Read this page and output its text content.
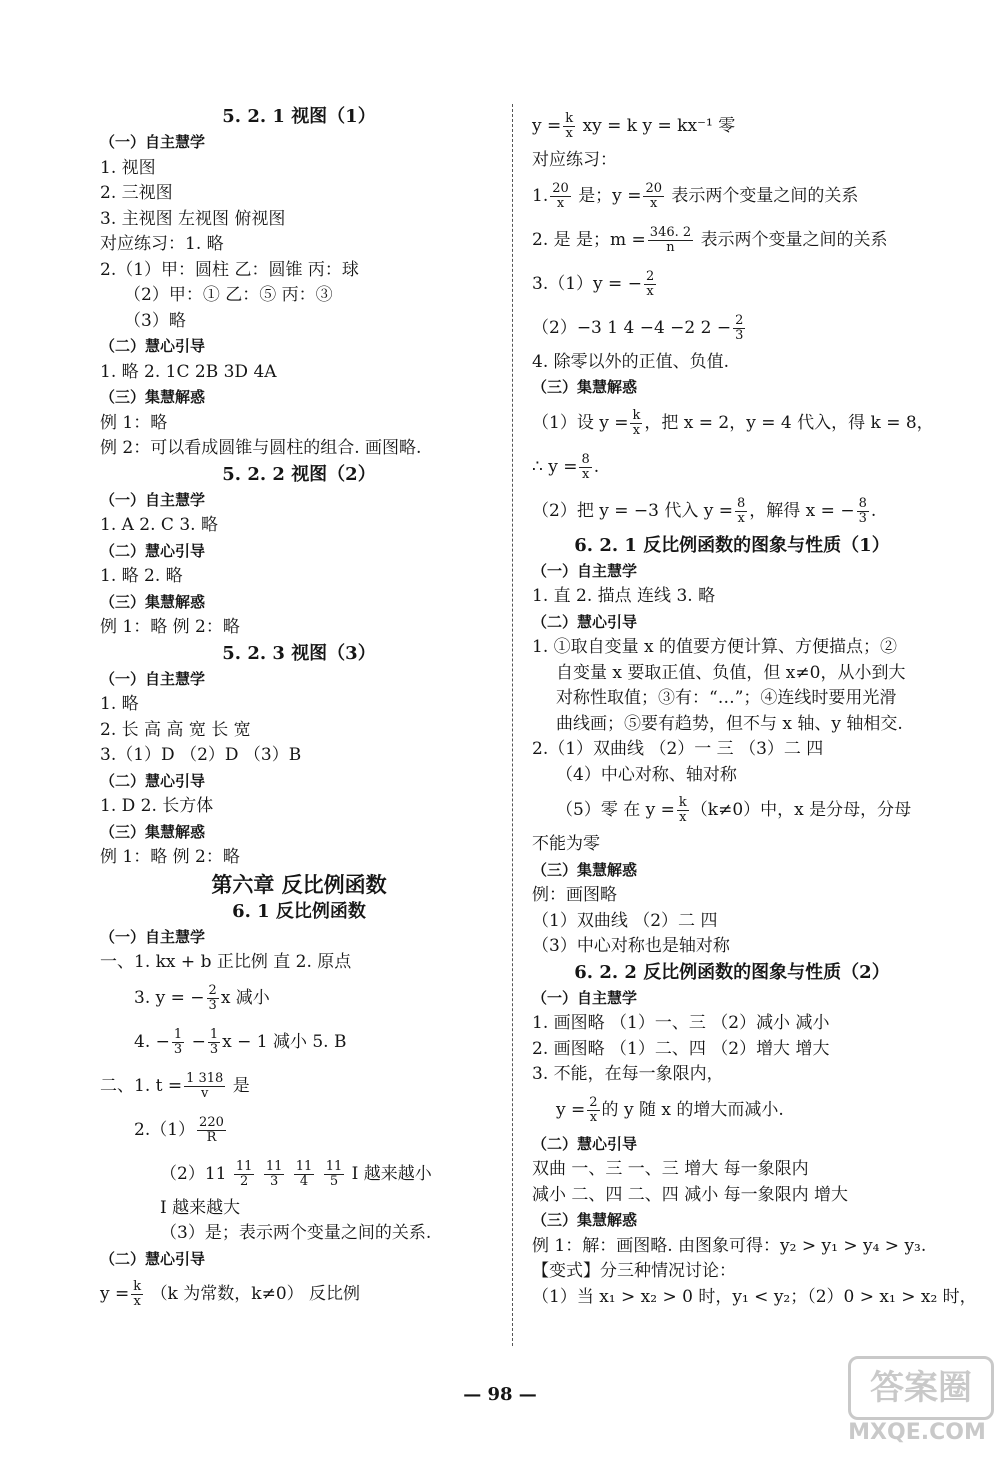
5. 2. 1 视图（1）
（一）自主慧学
1. 视图
2. 三视图
3. 主视图 左视图 俯视图
对应练习：1. 略
2.（1）甲：圆柱 乙：圆锥 丙：球
（2）甲：① 乙：⑤ 丙：③
（3）略
（二）慧心引导
1. 略 2. 1C 2B 3D 4A
（三）集慧解惑
例 1：略
例 2：可以看成圆锥与圆柱的组合. 画图略.
5. 2. 2 视图（2）
（一）自主慧学
1. A 2. C 3. 略
（二）慧心引导
1. 略 2. 略
（三）集慧解惑
例 1：略 例 2：略
5. 2. 3 视图（3）
（一）自主慧学
1. 略
2. 长 高 高 宽 长 宽
3.（1）D （2）D （3）B
（二）慧心引导
1. D 2. 长方体
（三）集慧解惑
例 1：略 例 2：略
第六章 反比例函数
6. 1 反比例函数
（一）自主慧学
一、1. kx + b 正比例 直 2. 原点
3. y = − $\frac{2}{3}$ x 减小
4. − $\frac{1}{3} - \frac{1}{3}$ x − 1 减小 5. B
二、1. $t = \frac{1 318}{v}$ 是
$2.(1) \frac{220}{R}$
$(2)11 \frac{11}{2}$
$\frac{11}{3}$
$\frac{11}{4}$
$\frac{11}{5}$ I 越来越小
I 越来越大
（3）是；表示两个变量之间的关系.
（二）慧心引导
$y = \frac{k}{x} (k$ 为常数，k≠0） 反比例
$y = \frac{k}{x}$ xy = k y = kx⁻¹ 零
对应练习：
1. $\frac{20}{x}$ 是；$y = \frac{20}{x}$ 表示两个变量之间的关系
2. 是 是；$m = \frac{346. 2}{n}$ 表示两个变量之间的关系
3.（1）y = − $\frac{2}{x}$
（2）−3 1 4 −4 −2 $2 - \frac{2}{3}$
4. 除零以外的正值、负值.
（三）集慧解惑
（1）设 $y = \frac{k}{x}$ ，把 x = 2，y = 4 代入，得 k = 8，
∴ $y = \frac{8}{x}$ .
（2）把 y = −3 代入 $y = \frac{8}{x}$ ，解得 x = − $\frac{8}{3}$ .
6. 2. 1 反比例函数的图象与性质（1）
（一）自主慧学
1. 直 2. 描点 连线 3. 略
（二）慧心引导
1. ①取自变量 x 的值要方便计算、方便描点；②
自变量 x 要取正值、负值，但 x≠0，从小到大
对称性取值；③有：“…”；④连线时要用光滑
曲线画；⑤要有趋势，但不与 x 轴、y 轴相交.
2.（1）双曲线 （2）一 三 （3）二 四
（4）中心对称、轴对称
（5）零 在 $y = \frac{k}{x} (k\ne 0)$中，x 是分母，分母
不能为零
（三）集慧解惑
例：画图略
（1）双曲线 （2）二 四
（3）中心对称也是轴对称
6. 2. 2 反比例函数的图象与性质（2）
（一）自主慧学
1. 画图略 （1）一、三 （2）减小 减小
2. 画图略 （1）二、四 （2）增大 增大
3. 不能，在每一象限内，
$y = \frac{2}{x}$ 的 y 随 x 的增大而减小.
（二）慧心引导
双曲 一、三 一、三 增大 每一象限内
减小 二、四 二、四 减小 每一象限内 增大
（三）集慧解惑
例 1：解：画图略. 由图象可得：y₂ > y₁ > y₄ > y₃.
【变式】分三种情况讨论：
（1）当 x₁ > x₂ > 0 时，y₁ < y₂；（2）0 > x₁ > x₂ 时，
— 98 —	答案圈
MXQE.COM
